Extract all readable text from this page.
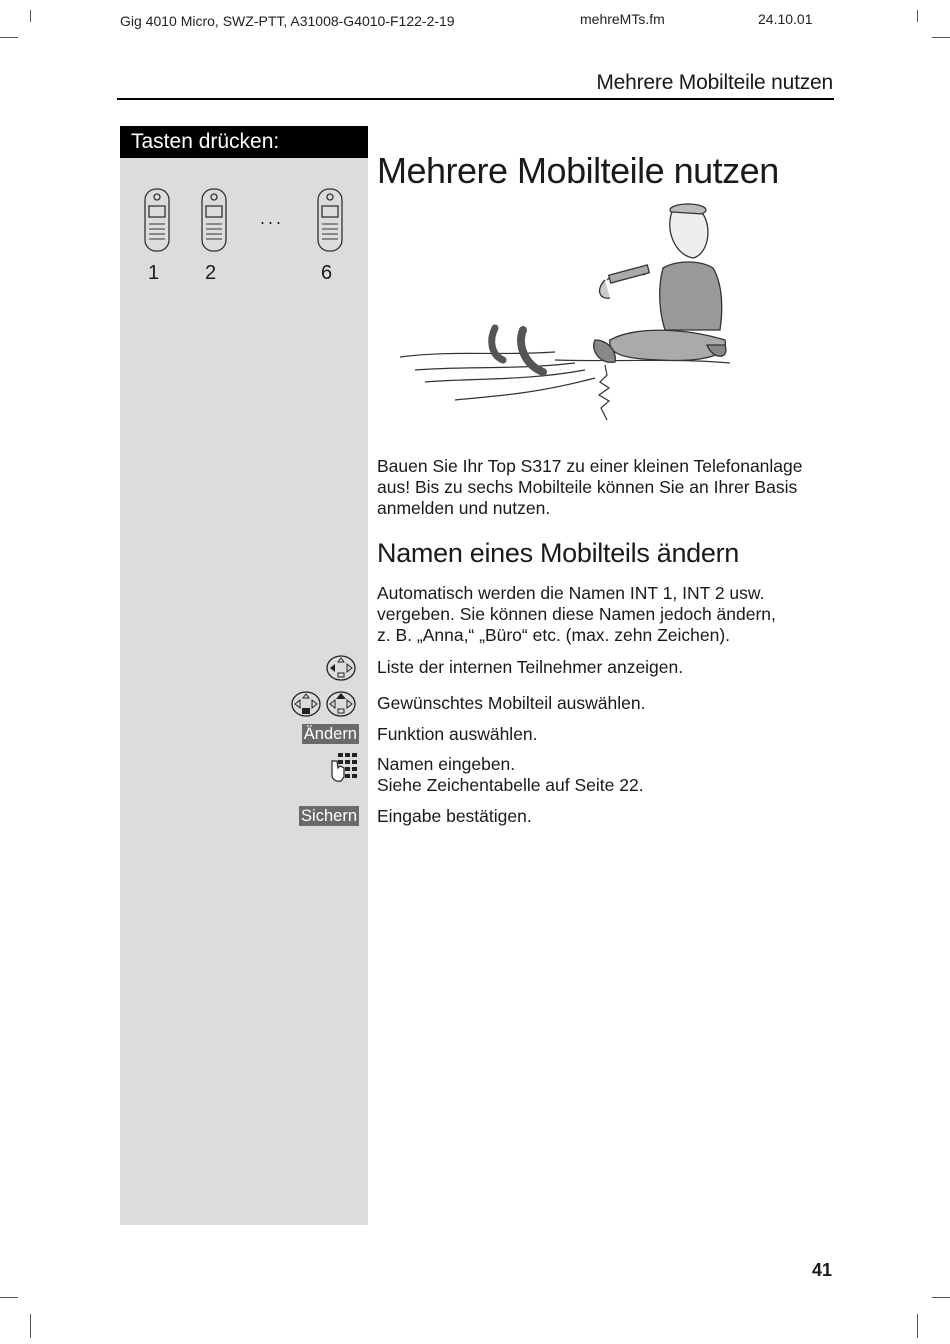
Gig 4010 Micro, SWZ-PTT, A31008-G4010-F122-2-19	mehreMTs.fm	24.10.01
Mehrere Mobilteile nutzen
Tasten drücken:
...
1 2	6
Mehrere Mobilteile nutzen
Bauen Sie Ihr Top S317 zu einer kleinen Telefonanlage
aus! Bis zu sechs Mobilteile können Sie an Ihrer Basis
anmelden und nutzen.
Namen eines Mobilteils ändern
Automatisch werden die Namen INT 1, INT 2 usw.
vergeben. Sie können diese Namen jedoch ändern,
z. B. „Anna,“ „Büro“ etc. (max. zehn Zeichen).
Liste der internen Teilnehmer anzeigen.
Gewünschtes Mobilteil auswählen.
Ändern Funktion auswählen.
Namen eingeben.
Siehe Zeichentabelle auf Seite 22.
Sichern Eingabe bestätigen.
41
